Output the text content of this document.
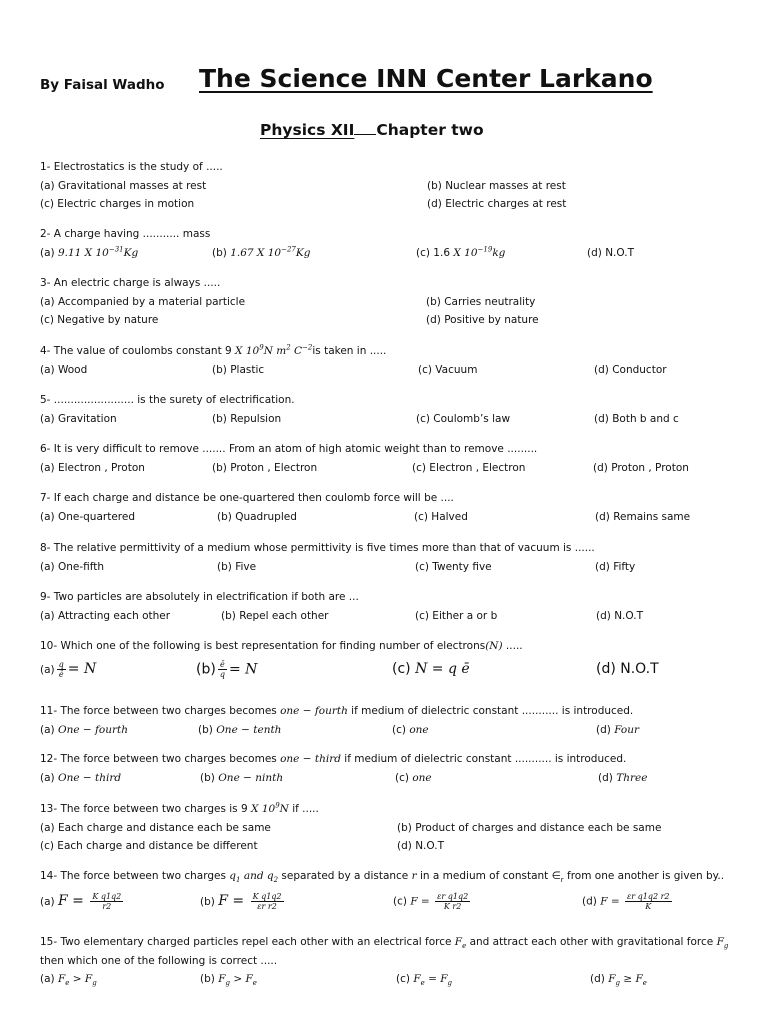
By Faisal Wadho The Science INN Center Larkano
Physics XII Chapter two
1- Electrostatics is the study of .....
(a) Gravitational masses at rest	(b) Nuclear masses at rest
(c) Electric charges in motion	(d) Electric charges at rest
2- A charge having ........... mass
(a) 9.11 X $10^{-31}Kg$	(b) 1.67 X $10^{-27}Kg$	(c) 1.6 X $10^{-19}kg$	(d) N.O.T
3- An electric charge is always .....
(a) Accompanied by a material particle	(b) Carries neutrality
(c) Negative by nature	(d) Positive by nature
4- The value of coulombs constant 9 X $10^9N$ $m^2$ $C^{-2}is$ taken in .....
(a) Wood	(b) Plastic	(c) Vacuum	(d) Conductor
5- ........................ is the surety of electrification.
(a) Gravitation	(b) Repulsion	(c) Coulomb’s law	(d) Both b and c
6- It is very difficult to remove ....... From an atom of high atomic weight than to remove .........
(a) Electron , Proton	(b) Proton , Electron	(c) Electron , Electron	(d) Proton , Proton
7- If each charge and distance be one-quartered then coulomb force will be ....
(a) One-quartered	(b) Quadrupled	(c) Halved	(d) Remains same
8- The relative permittivity of a medium whose permittivity is five times more than that of vacuum is ......
(a) One-fifth	(b) Five	(c) Twenty five	(d) Fifty
9- Two particles are absolutely in electrification if both are ...
(a) Attracting each other	(b) Repel each other	(c) Either a or b	(d) N.O.T
10- Which one of the following is best representation for finding number of electrons(N) .....
$(a) \frac{q}{ē} = N$	$(b) \frac{ē}{q} = N$	(c) N = q ē	(d) N.O.T
11- The force between two charges becomes one − fourth if medium of dielectric constant ........... is introduced.
(a) One − fourth	(b) One − tenth	(c) one	(d) Four
12- The force between two charges becomes one − third if medium of dielectric constant ........... is introduced.
(a) One − third	(b) One − ninth	(c) one	(d) Three
13- The force between two charges is 9 X $10^9N$ if .....
(a) Each charge and distance each be same	(b) Product of charges and distance each be same
(c) Each charge and distance be different	(d) N.O.T
14- The force between two charges $q_1$ and $q_2$ separated by a distance r in a medium of constant $\in_r$ from one another is given by..
(a) $F = \frac{\text{K q1q2}}{r2}$	(b) $F = \frac{\text{K q1q2}}{\text{εr r2}}$	(c) $F = \frac{\text{εr q1q2}}{\text{K r2}}$	(d) $F = \frac{\text{εr q1q2 r2}}{K}$
15- Two elementary charged particles repel each other with an electrical force $F_e$ and attract each other with gravitational force $F_g$
then which one of the following is correct .....
(a) $F_e > F_g$	(b) $F_g > F_e$	(c) $F_e = F_g$	(d) $F_g \ge F_e$
